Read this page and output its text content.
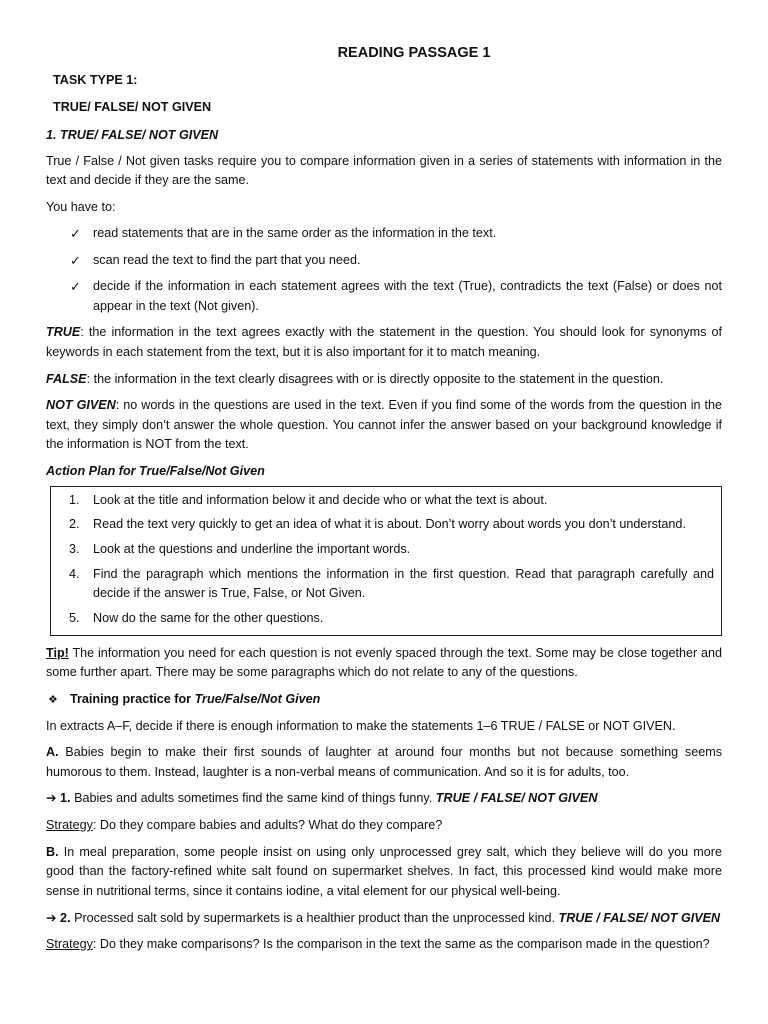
READING PASSAGE 1

TASK TYPE 1:

TRUE/ FALSE/ NOT GIVEN

1. TRUE/ FALSE/ NOT GIVEN

True / False / Not given tasks require you to compare information given in a series of statements with information in the text and decide if they are the same.

You have to:

✓ read statements that are in the same order as the information in the text.
✓ scan read the text to find the part that you need.
✓ decide if the information in each statement agrees with the text (True), contradicts the text (False) or does not appear in the text (Not given).

TRUE: the information in the text agrees exactly with the statement in the question. You should look for synonyms of keywords in each statement from the text, but it is also important for it to match meaning.

FALSE: the information in the text clearly disagrees with or is directly opposite to the statement in the question.

NOT GIVEN: no words in the questions are used in the text. Even if you find some of the words from the question in the text, they simply don’t answer the whole question. You cannot infer the answer based on your background knowledge if the information is NOT from the text.

Action Plan for True/False/Not Given

1.	Look at the title and information below it and decide who or what the text is about.
2.	Read the text very quickly to get an idea of what it is about. Don’t worry about words you don’t understand.
3.	Look at the questions and underline the important words.
4.	Find the paragraph which mentions the information in the first question. Read that paragraph carefully and decide if the answer is True, False, or Not Given.
5.	Now do the same for the other questions.

Tip! The information you need for each question is not evenly spaced through the text. Some may be close together and some further apart. There may be some paragraphs which do not relate to any of the questions.

❖ Training practice for True/False/Not Given

In extracts A–F, decide if there is enough information to make the statements 1–6 TRUE / FALSE or NOT GIVEN.

A. Babies begin to make their first sounds of laughter at around four months but not because something seems humorous to them. Instead, laughter is a non-verbal means of communication. And so it is for adults, too.

➔ 1. Babies and adults sometimes find the same kind of things funny. TRUE / FALSE/ NOT GIVEN

Strategy: Do they compare babies and adults? What do they compare?

B. In meal preparation, some people insist on using only unprocessed grey salt, which they believe will do you more good than the factory-refined white salt found on supermarket shelves. In fact, this processed kind would make more sense in nutritional terms, since it contains iodine, a vital element for our physical well-being.

➔ 2. Processed salt sold by supermarkets is a healthier product than the unprocessed kind. TRUE / FALSE/ NOT GIVEN

Strategy: Do they make comparisons? Is the comparison in the text the same as the comparison made in the question?
